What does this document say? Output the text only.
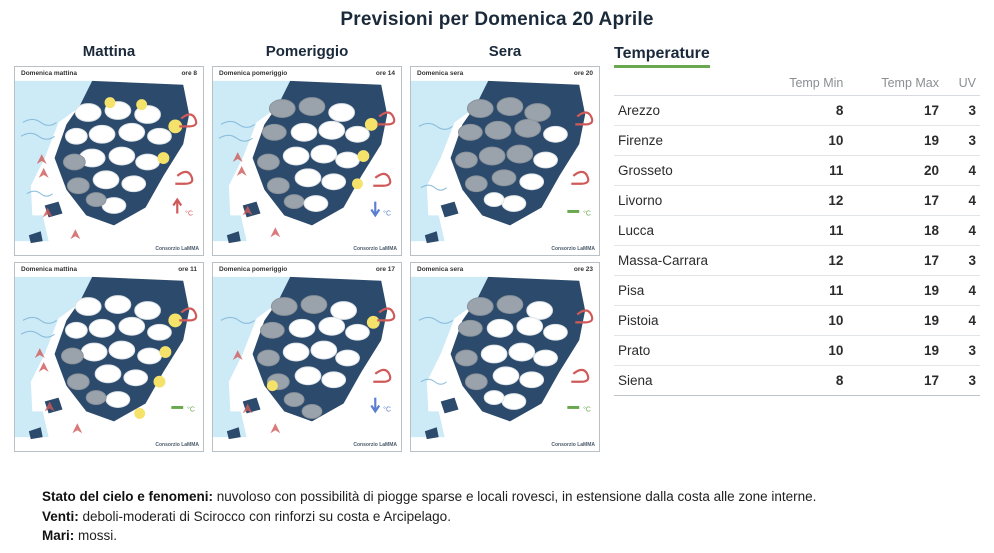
Previsioni per Domenica 20 Aprile
Mattina	Pomeriggio	Sera
Domenica mattina	ore 8
°C
Consorzio LaMMA
Domenica pomeriggio	ore 14
°C
Consorzio LaMMA
Domenica sera	ore 20
°C
Consorzio LaMMA
Domenica mattina	ore 11
°C
Consorzio LaMMA
Domenica pomeriggio	ore 17
°C
Consorzio LaMMA
Domenica sera	ore 23
°C
Consorzio LaMMA
Temperature
	Temp Min	Temp Max	UV
Arezzo	8	17	3
Firenze	10	19	3
Grosseto	11	20	4
Livorno	12	17	4
Lucca	11	18	4
Massa-Carrara	12	17	3
Pisa	11	19	4
Pistoia	10	19	4
Prato	10	19	3
Siena	8	17	3
Stato del cielo e fenomeni: nuvoloso con possibilità di piogge sparse e locali rovesci, in estensione dalla costa alle zone interne.
Venti: deboli-moderati di Scirocco con rinforzi su costa e Arcipelago.
Mari: mossi.
